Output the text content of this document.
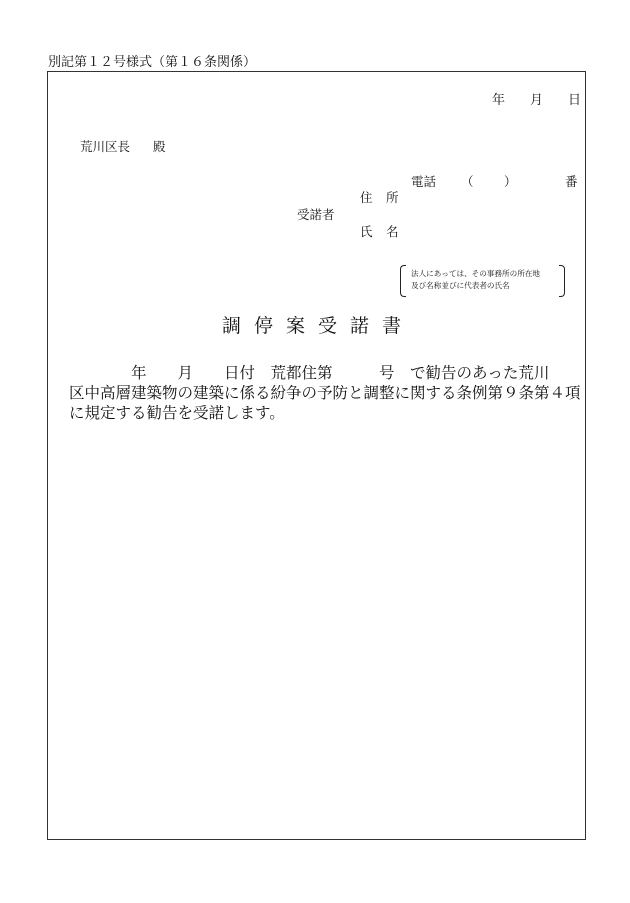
別記第１２号様式（第１６条関係）
年 月 日
荒川区長 殿
電話 （ ）	番
住 所
受諾者
氏 名
法人にあっては、その事務所の所在地
及び名称並びに代表者の氏名
調停案受諾書
　　　　年　　月　　日付　荒都住第　　　号　で勧告のあった荒川
区中高層建築物の建築に係る紛争の予防と調整に関する条例第９条第４項
に規定する勧告を受諾します。
